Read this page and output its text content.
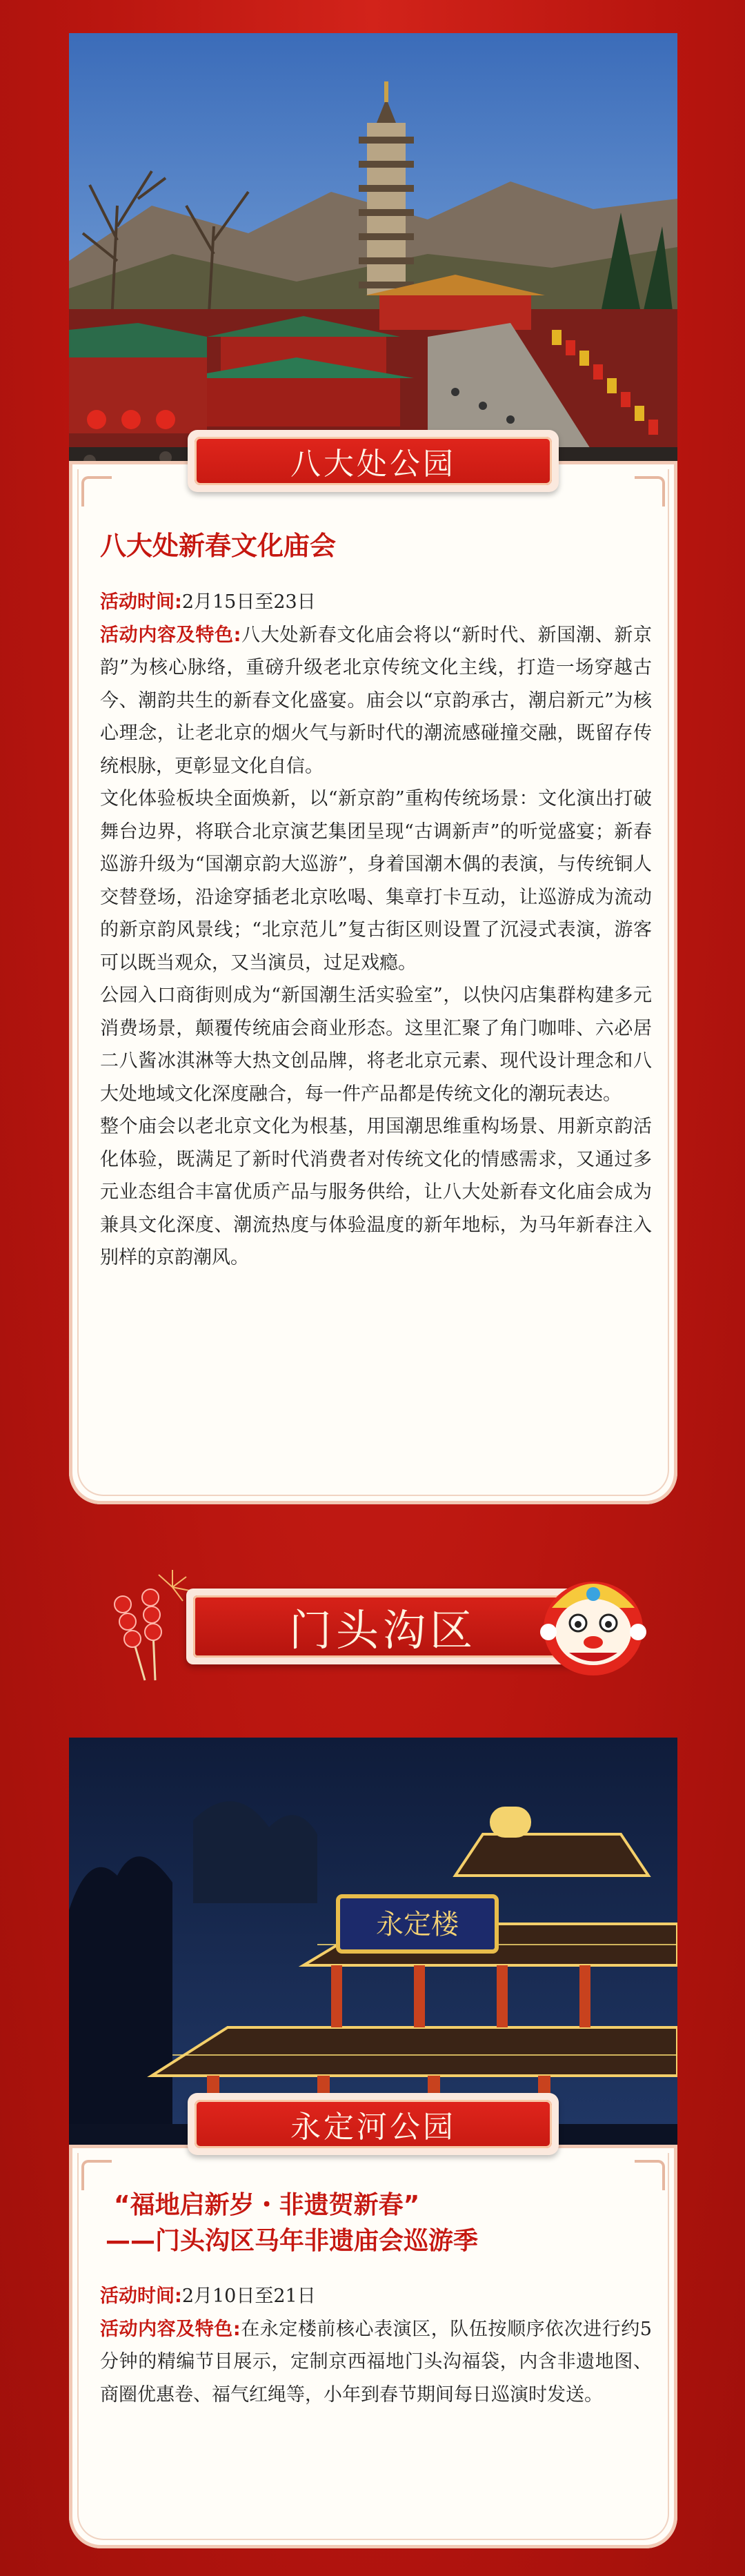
八大处公园
八大处新春文化庙会

活动时间:2月15日至23日

活动内容及特色:八大处新春文化庙会将以“新时代、新国潮、新京韵”为核心脉络，重磅升级老北京传统文化主线，打造一场穿越古今、潮韵共生的新春文化盛宴。庙会以“京韵承古，潮启新元”为核心理念，让老北京的烟火气与新时代的潮流感碰撞交融，既留存传统根脉，更彰显文化自信。

文化体验板块全面焕新，以“新京韵”重构传统场景：文化演出打破舞台边界，将联合北京演艺集团呈现“古调新声”的听觉盛宴；新春巡游升级为“国潮京韵大巡游”，身着国潮木偶的表演，与传统铜人交替登场，沿途穿插老北京吆喝、集章打卡互动，让巡游成为流动的新京韵风景线；“北京范儿”复古街区则设置了沉浸式表演，游客可以既当观众，又当演员，过足戏瘾。

公园入口商街则成为“新国潮生活实验室”，以快闪店集群构建多元消费场景，颠覆传统庙会商业形态。这里汇聚了角门咖啡、六必居二八酱冰淇淋等大热文创品牌，将老北京元素、现代设计理念和八大处地域文化深度融合，每一件产品都是传统文化的潮玩表达。

整个庙会以老北京文化为根基，用国潮思维重构场景、用新京韵活化体验，既满足了新时代消费者对传统文化的情感需求，又通过多元业态组合丰富优质产品与服务供给，让八大处新春文化庙会成为兼具文化深度、潮流热度与体验温度的新年地标，为马年新春注入别样的京韵潮风。

门头沟区
永定楼
永定河公园
“福地启新岁・非遗贺新春”
——门头沟区马年非遗庙会巡游季

活动时间:2月10日至21日

活动内容及特色:在永定楼前核心表演区，队伍按顺序依次进行约5分钟的精编节目展示，定制京西福地门头沟福袋，内含非遗地图、商圈优惠卷、福气红绳等，小年到春节期间每日巡演时发送。
